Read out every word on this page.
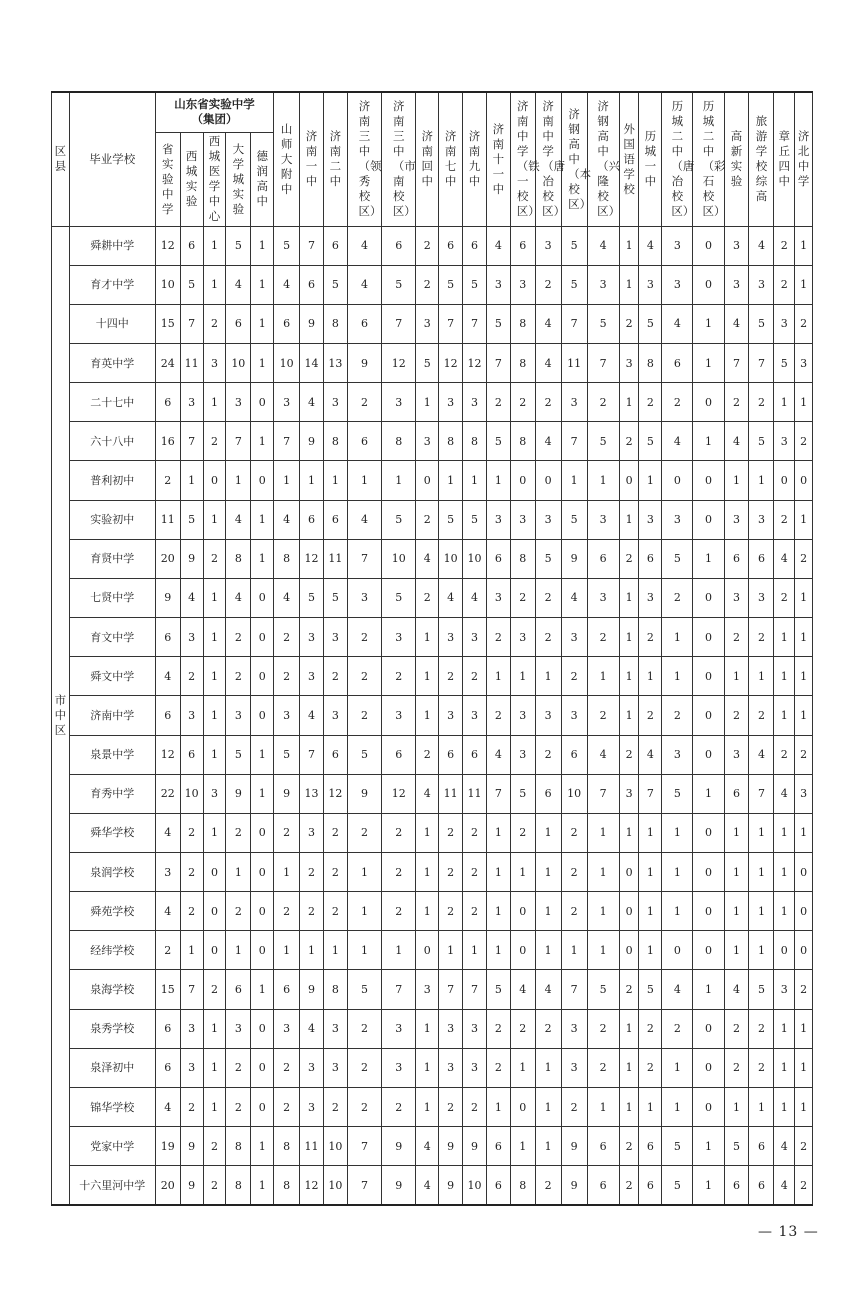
区县	毕业学校	山东省实验中学（集团）					山师大附中	济南一中	济南二中	济南三中（领秀校区）	济南三中（市南校区）	济南回中	济南七中	济南九中	济南十一中	济南中学（铁一校区）	济南中学（唐冶校区）	济钢高中（本校区）	济钢高中（兴隆校区）	外国语学校	历城一中	历城二中（唐冶校区）	历城二中（彩石校区）	高新实验	旅游学校综高	章丘四中	济北中学
		省实验中学	西城实验	西城医学中心	大学城实验	德润高中																					
市中区	舜耕中学	12	6	1	5	1	5	7	6	4	6	2	6	6	4	6	3	5	4	1	4	3	0	3	4	2	1
	育才中学	10	5	1	4	1	4	6	5	4	5	2	5	5	3	3	2	5	3	1	3	3	0	3	3	2	1
	十四中	15	7	2	6	1	6	9	8	6	7	3	7	7	5	8	4	7	5	2	5	4	1	4	5	3	2
	育英中学	24	11	3	10	1	10	14	13	9	12	5	12	12	7	8	4	11	7	3	8	6	1	7	7	5	3
	二十七中	6	3	1	3	0	3	4	3	2	3	1	3	3	2	2	2	3	2	1	2	2	0	2	2	1	1
	六十八中	16	7	2	7	1	7	9	8	6	8	3	8	8	5	8	4	7	5	2	5	4	1	4	5	3	2
	普利初中	2	1	0	1	0	1	1	1	1	1	0	1	1	1	0	0	1	1	0	1	0	0	1	1	0	0
	实验初中	11	5	1	4	1	4	6	6	4	5	2	5	5	3	3	3	5	3	1	3	3	0	3	3	2	1
	育贤中学	20	9	2	8	1	8	12	11	7	10	4	10	10	6	8	5	9	6	2	6	5	1	6	6	4	2
	七贤中学	9	4	1	4	0	4	5	5	3	5	2	4	4	3	2	2	4	3	1	3	2	0	3	3	2	1
	育文中学	6	3	1	2	0	2	3	3	2	3	1	3	3	2	3	2	3	2	1	2	1	0	2	2	1	1
	舜文中学	4	2	1	2	0	2	3	2	2	2	1	2	2	1	1	1	2	1	1	1	1	0	1	1	1	1
	济南中学	6	3	1	3	0	3	4	3	2	3	1	3	3	2	3	3	3	2	1	2	2	0	2	2	1	1
	泉景中学	12	6	1	5	1	5	7	6	5	6	2	6	6	4	3	2	6	4	2	4	3	0	3	4	2	2
	育秀中学	22	10	3	9	1	9	13	12	9	12	4	11	11	7	5	6	10	7	3	7	5	1	6	7	4	3
	舜华学校	4	2	1	2	0	2	3	2	2	2	1	2	2	1	2	1	2	1	1	1	1	0	1	1	1	1
	泉润学校	3	2	0	1	0	1	2	2	1	2	1	2	2	1	1	1	2	1	0	1	1	0	1	1	1	0
	舜苑学校	4	2	0	2	0	2	2	2	1	2	1	2	2	1	0	1	2	1	0	1	1	0	1	1	1	0
	经纬学校	2	1	0	1	0	1	1	1	1	1	0	1	1	1	0	1	1	1	0	1	0	0	1	1	0	0
	泉海学校	15	7	2	6	1	6	9	8	5	7	3	7	7	5	4	4	7	5	2	5	4	1	4	5	3	2
	泉秀学校	6	3	1	3	0	3	4	3	2	3	1	3	3	2	2	2	3	2	1	2	2	0	2	2	1	1
	泉泽初中	6	3	1	2	0	2	3	3	2	3	1	3	3	2	1	1	3	2	1	2	1	0	2	2	1	1
	锦华学校	4	2	1	2	0	2	3	2	2	2	1	2	2	1	0	1	2	1	1	1	1	0	1	1	1	1
	党家中学	19	9	2	8	1	8	11	10	7	9	4	9	9	6	1	1	9	6	2	6	5	1	5	6	4	2
	十六里河中学	20	9	2	8	1	8	12	10	7	9	4	9	10	6	8	2	9	6	2	6	5	1	6	6	4	2
— 13 —
